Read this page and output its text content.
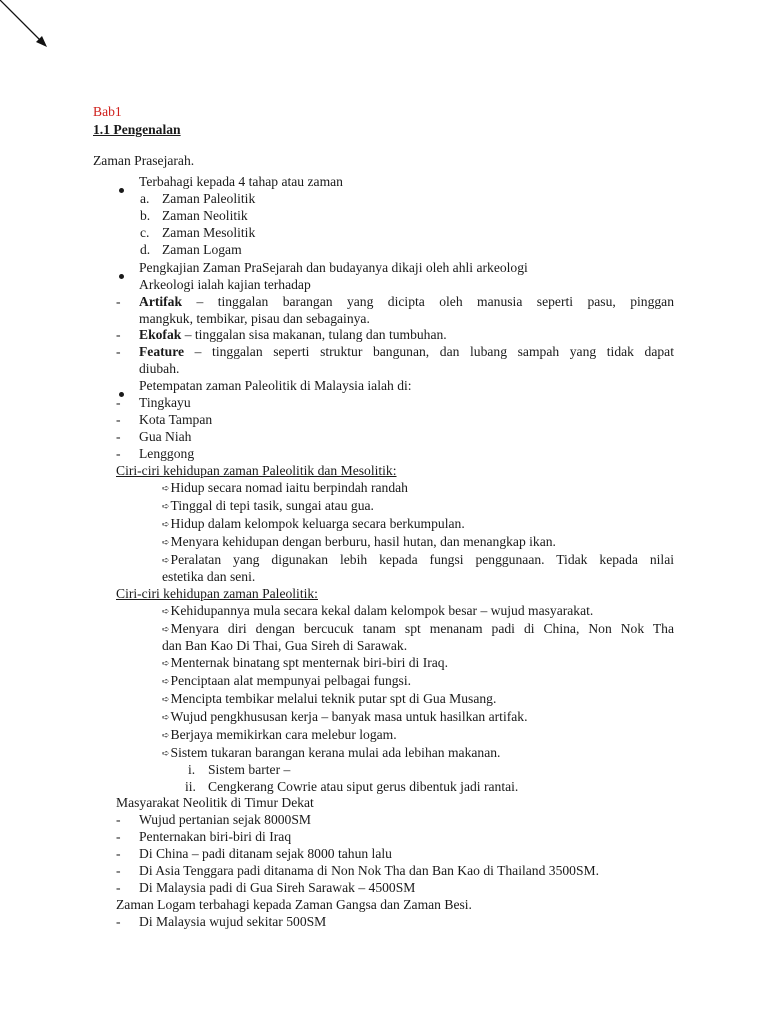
Bab1
1.1 Pengenalan
Zaman Prasejarah.
Terbahagi kepada 4 tahap atau zaman
a. Zaman Paleolitik
b. Zaman Neolitik
c. Zaman Mesolitik
d. Zaman Logam
Pengkajian Zaman PraSejarah dan budayanya dikaji oleh ahli arkeologi
Arkeologi ialah kajian terhadap
- Artifak – tinggalan barangan yang dicipta oleh manusia seperti pasu, pinggan
mangkuk, tembikar, pisau dan sebagainya.
- Ekofak – tinggalan sisa makanan, tulang dan tumbuhan.
- Feature – tinggalan seperti struktur bangunan, dan lubang sampah yang tidak dapat
diubah.
Petempatan zaman Paleolitik di Malaysia ialah di:
- Tingkayu
- Kota Tampan
- Gua Niah
- Lenggong
Ciri-ciri kehidupan zaman Paleolitik dan Mesolitik:
➪Hidup secara nomad iaitu berpindah randah
➪Tinggal di tepi tasik, sungai atau gua.
➪Hidup dalam kelompok keluarga secara berkumpulan.
➪Menyara kehidupan dengan berburu, hasil hutan, dan menangkap ikan.
➪Peralatan yang digunakan lebih kepada fungsi penggunaan. Tidak kepada nilai
estetika dan seni.
Ciri-ciri kehidupan zaman Paleolitik:
➪Kehidupannya mula secara kekal dalam kelompok besar – wujud masyarakat.
➪Menyara diri dengan bercucuk tanam spt menanam padi di China, Non Nok Tha
dan Ban Kao Di Thai, Gua Sireh di Sarawak.
➪Menternak binatang spt menternak biri-biri di Iraq.
➪Penciptaan alat mempunyai pelbagai fungsi.
➪Mencipta tembikar melalui teknik putar spt di Gua Musang.
➪Wujud pengkhususan kerja – banyak masa untuk hasilkan artifak.
➪Berjaya memikirkan cara melebur logam.
➪Sistem tukaran barangan kerana mulai ada lebihan makanan.
i. Sistem barter –
ii. Cengkerang Cowrie atau siput gerus dibentuk jadi rantai.
Masyarakat Neolitik di Timur Dekat
- Wujud pertanian sejak 8000SM
- Penternakan biri-biri di Iraq
- Di China – padi ditanam sejak 8000 tahun lalu
- Di Asia Tenggara padi ditanama di Non Nok Tha dan Ban Kao di Thailand 3500SM.
- Di Malaysia padi di Gua Sireh Sarawak – 4500SM
Zaman Logam terbahagi kepada Zaman Gangsa dan Zaman Besi.
- Di Malaysia wujud sekitar 500SM
